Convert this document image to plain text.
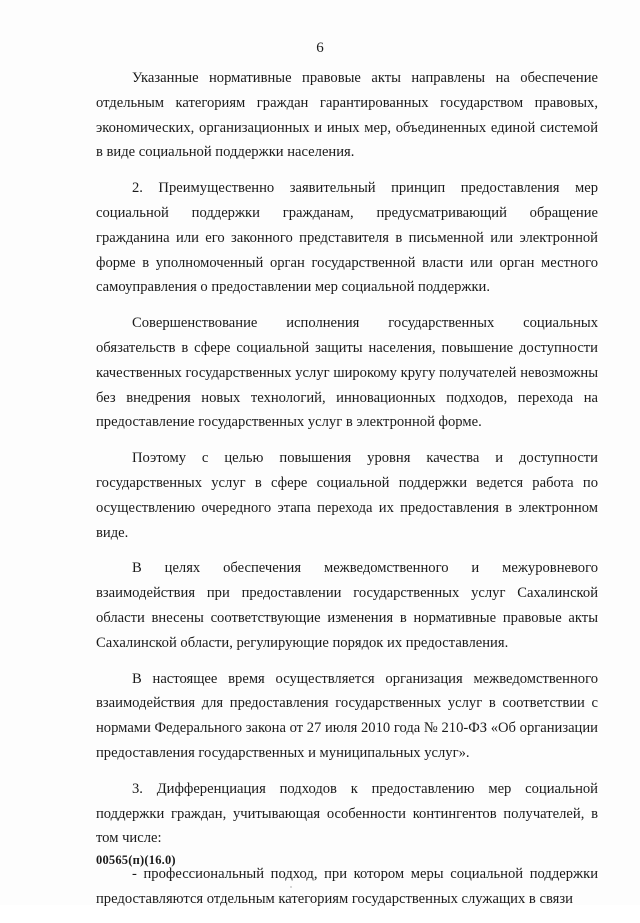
6

Указанные нормативные правовые акты направлены на обеспечение отдельным категориям граждан гарантированных государством правовых, экономических, организационных и иных мер, объединенных единой системой в виде социальной поддержки населения.

2. Преимущественно заявительный принцип предоставления мер социальной поддержки гражданам, предусматривающий обращение гражданина или его законного представителя в письменной или электронной форме в уполномоченный орган государственной власти или орган местного самоуправления о предоставлении мер социальной поддержки.

Совершенствование исполнения государственных социальных обязательств в сфере социальной защиты населения, повышение доступности качественных государственных услуг широкому кругу получателей невозможны без внедрения новых технологий, инновационных подходов, перехода на предоставление государственных услуг в электронной форме.

Поэтому с целью повышения уровня качества и доступности государственных услуг в сфере социальной поддержки ведется работа по осуществлению очередного этапа перехода их предоставления в электронном виде.

В целях обеспечения межведомственного и межуровневого взаимодействия при предоставлении государственных услуг Сахалинской области внесены соответствующие изменения в нормативные правовые акты Сахалинской области, регулирующие порядок их предоставления.

В настоящее время осуществляется организация межведомственного взаимодействия для предоставления государственных услуг в соответствии с нормами Федерального закона от 27 июля 2010 года № 210-ФЗ «Об организации предоставления государственных и муниципальных услуг».

3. Дифференциация подходов к предоставлению мер социальной поддержки граждан, учитывающая особенности контингентов получателей, в том числе:

- профессиональный подход, при котором меры социальной поддержки предоставляются отдельным категориям государственных служащих в связи

00565(п)(16.0)
